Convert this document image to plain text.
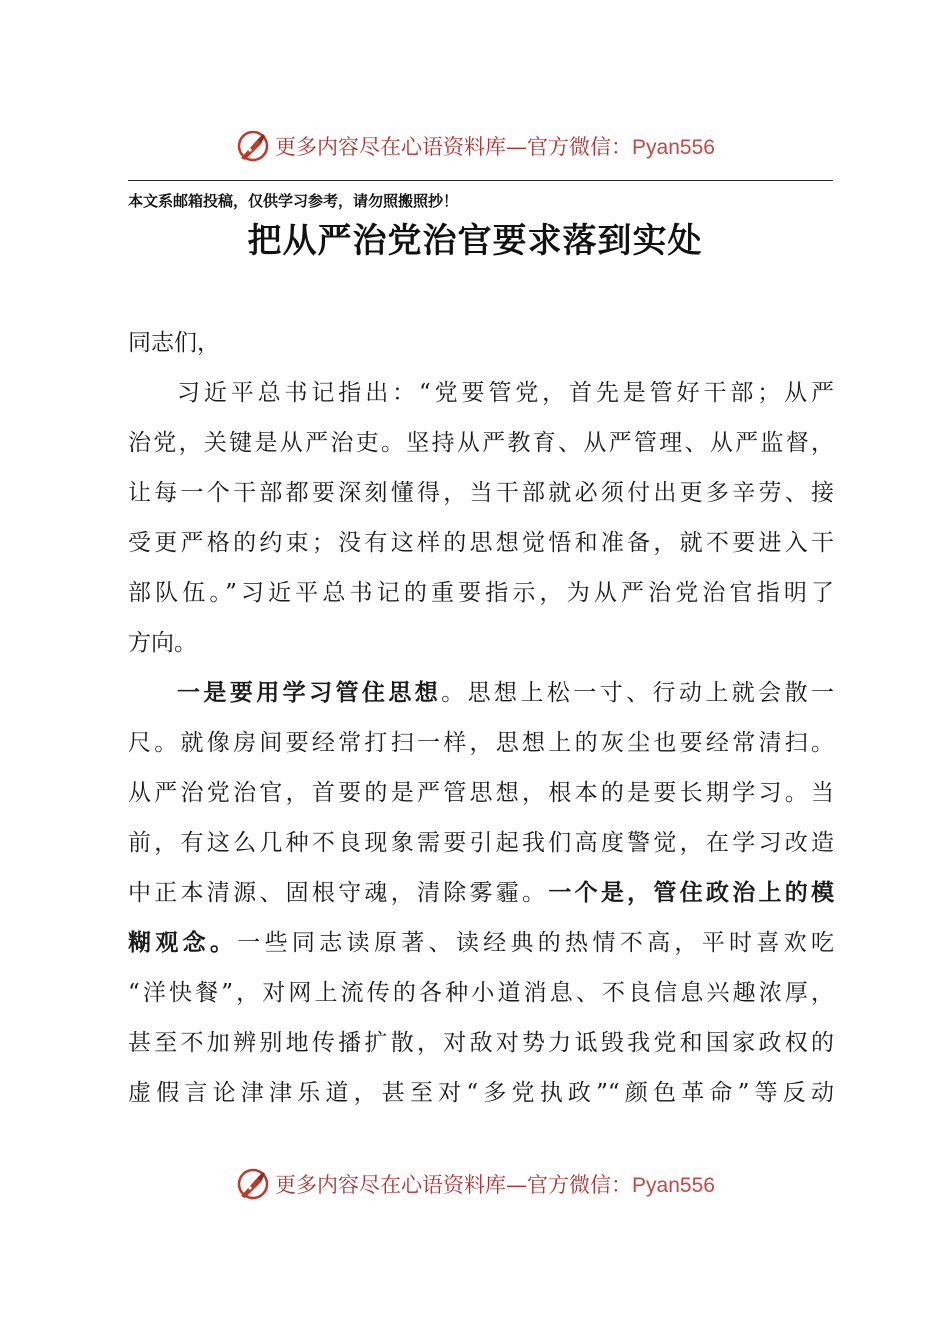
更多内容尽在心语资料库—官方微信：Pyan556
本文系邮箱投稿，仅供学习参考，请勿照搬照抄！
把从严治党治官要求落到实处
同志们，
习近平总书记指出：“党要管党，首先是管好干部；从严
治党，关键是从严治吏。坚持从严教育、从严管理、从严监督，
让每一个干部都要深刻懂得，当干部就必须付出更多辛劳、接
受更严格的约束；没有这样的思想觉悟和准备，就不要进入干
部队伍。”习近平总书记的重要指示，为从严治党治官指明了
方向。
一是要用学习管住思想。思想上松一寸、行动上就会散一
尺。就像房间要经常打扫一样，思想上的灰尘也要经常清扫。
从严治党治官，首要的是严管思想，根本的是要长期学习。当
前，有这么几种不良现象需要引起我们高度警觉，在学习改造
中正本清源、固根守魂，清除雾霾。一个是，管住政治上的模
糊观念。一些同志读原著、读经典的热情不高，平时喜欢吃
“洋快餐”，对网上流传的各种小道消息、不良信息兴趣浓厚，
甚至不加辨别地传播扩散，对敌对势力诋毁我党和国家政权的
虚假言论津津乐道，甚至对“多党执政”“颜色革命”等反动
更多内容尽在心语资料库—官方微信：Pyan556
